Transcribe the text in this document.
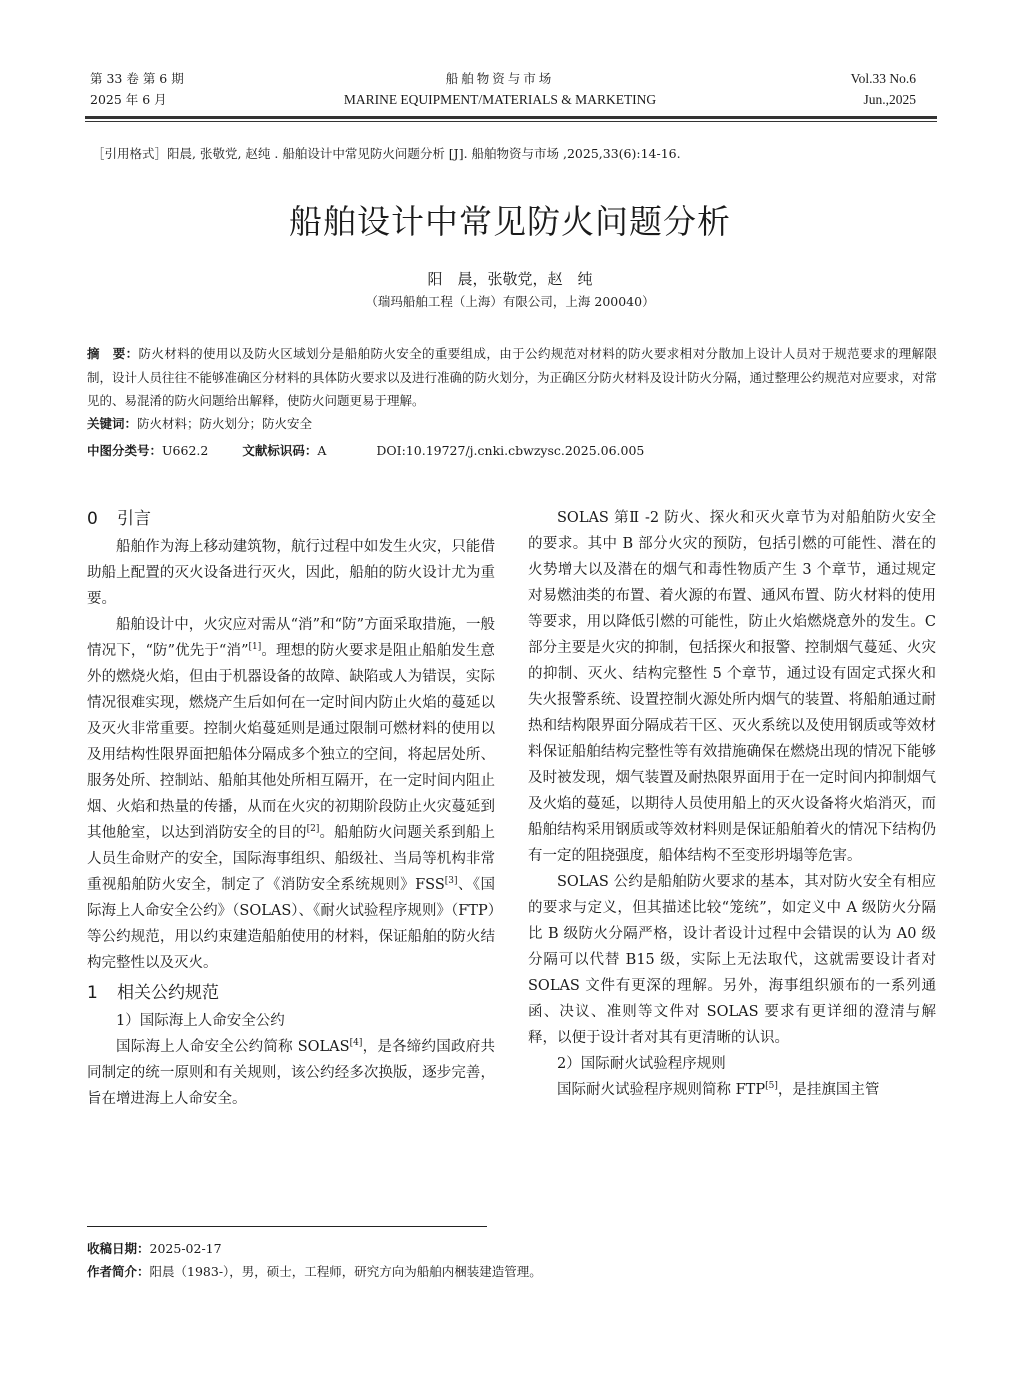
第 33 卷 第 6 期
2025 年 6 月
船舶物资与市场
MARINE EQUIPMENT/MATERIALS & MARKETING
Vol.33 No.6
Jun.,2025
［引用格式］阳晨, 张敬党, 赵纯 . 船舶设计中常见防火问题分析 [J]. 船舶物资与市场 ,2025,33(6):14-16.
船舶设计中常见防火问题分析
阳　晨，张敬党，赵　纯
（瑞玛船舶工程（上海）有限公司，上海 200040）
摘　要：防火材料的使用以及防火区域划分是船舶防火安全的重要组成，由于公约规范对材料的防火要求相对分散加上设计人员对于规范要求的理解限制，设计人员往往不能够准确区分材料的具体防火要求以及进行准确的防火划分，为正确区分防火材料及设计防火分隔，通过整理公约规范对应要求，对常见的、易混淆的防火问题给出解释，使防火问题更易于理解。
关键词：防火材料；防火划分；防火安全
中图分类号：U662.2	文献标识码：A	DOI:10.19727/j.cnki.cbwzysc.2025.06.005
0 引言

船舶作为海上移动建筑物，航行过程中如发生火灾，只能借助船上配置的灭火设备进行灭火，因此，船舶的防火设计尤为重要。

船舶设计中，火灾应对需从“消”和“防”方面采取措施，一般情况下，“防”优先于“消”[1]。理想的防火要求是阻止船舶发生意外的燃烧火焰，但由于机器设备的故障、缺陷或人为错误，实际情况很难实现，燃烧产生后如何在一定时间内防止火焰的蔓延以及灭火非常重要。控制火焰蔓延则是通过限制可燃材料的使用以及用结构性限界面把船体分隔成多个独立的空间，将起居处所、服务处所、控制站、船舶其他处所相互隔开，在一定时间内阻止烟、火焰和热量的传播，从而在火灾的初期阶段防止火灾蔓延到其他舱室，以达到消防安全的目的[2]。船舶防火问题关系到船上人员生命财产的安全，国际海事组织、船级社、当局等机构非常重视船舶防火安全，制定了《消防安全系统规则》FSS[3]、《国际海上人命安全公约》（SOLAS）、《耐火试验程序规则》（FTP）等公约规范，用以约束建造船舶使用的材料，保证船舶的防火结构完整性以及灭火。

1 相关公约规范

1）国际海上人命安全公约

国际海上人命安全公约简称 SOLAS[4]，是各缔约国政府共同制定的统一原则和有关规则，该公约经多次换版，逐步完善，旨在增进海上人命安全。

SOLAS 第Ⅱ -2 防火、探火和灭火章节为对船舶防火安全的要求。其中 B 部分火灾的预防，包括引燃的可能性、潜在的火势增大以及潜在的烟气和毒性物质产生 3 个章节，通过规定对易燃油类的布置、着火源的布置、通风布置、防火材料的使用等要求，用以降低引燃的可能性，防止火焰燃烧意外的发生。C 部分主要是火灾的抑制，包括探火和报警、控制烟气蔓延、火灾的抑制、灭火、结构完整性 5 个章节，通过设有固定式探火和失火报警系统、设置控制火源处所内烟气的装置、将船舶通过耐热和结构限界面分隔成若干区、灭火系统以及使用钢质或等效材料保证船舶结构完整性等有效措施确保在燃烧出现的情况下能够及时被发现，烟气装置及耐热限界面用于在一定时间内抑制烟气及火焰的蔓延，以期待人员使用船上的灭火设备将火焰消灭，而船舶结构采用钢质或等效材料则是保证船舶着火的情况下结构仍有一定的阻挠强度，船体结构不至变形坍塌等危害。

SOLAS 公约是船舶防火要求的基本，其对防火安全有相应的要求与定义，但其描述比较“笼统”，如定义中 A 级防火分隔比 B 级防火分隔严格，设计者设计过程中会错误的认为 A0 级分隔可以代替 B15 级，实际上无法取代，这就需要设计者对 SOLAS 文件有更深的理解。另外，海事组织颁布的一系列通函、决议、准则等文件对 SOLAS 要求有更详细的澄清与解释，以便于设计者对其有更清晰的认识。

2）国际耐火试验程序规则

国际耐火试验程序规则简称 FTP[5]，是挂旗国主管

收稿日期：2025-02-17
作者简介：阳晨（1983-），男，硕士，工程师，研究方向为船舶内梱装建造管理。
